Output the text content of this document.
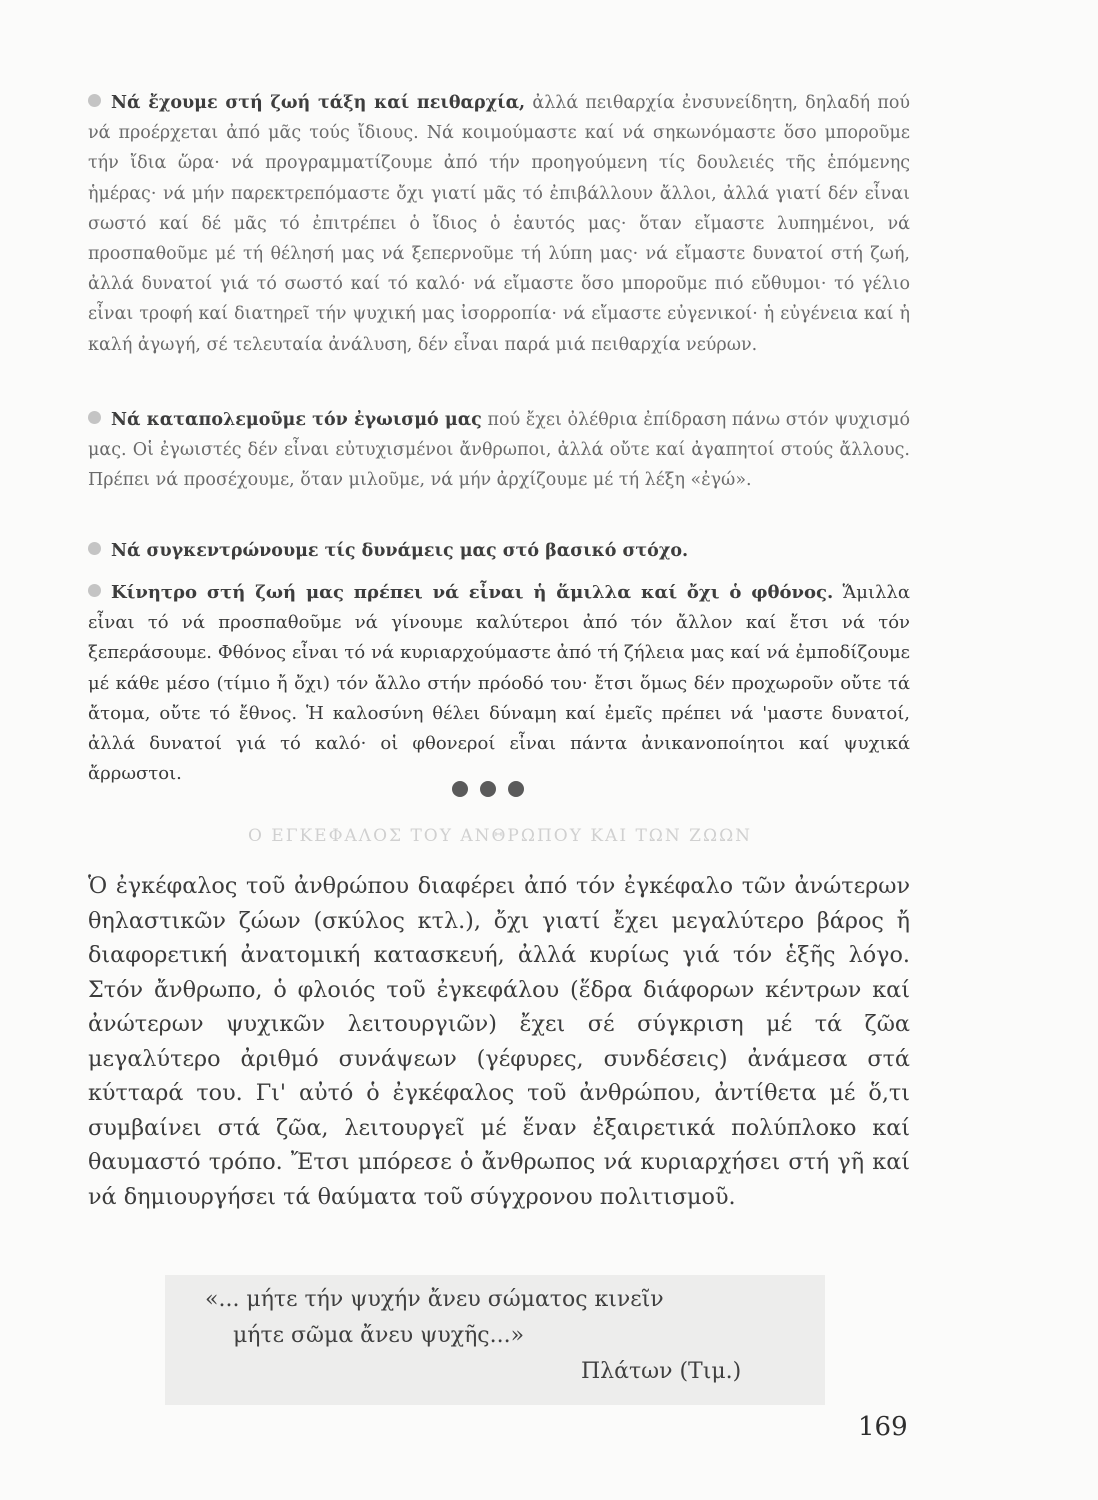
Νά ἔχουμε στή ζωή τάξη καί πειθαρχία, ἀλλά πειθαρχία ἐνσυνείδητη, δηλαδή πού νά προέρχεται ἀπό μᾶς τούς ἴδιους. Νά κοιμούμαστε καί νά σηκωνόμαστε ὅσο μποροῦμε τήν ἴδια ὥρα· νά προγραμματίζουμε ἀπό τήν προηγούμενη τίς δουλειές τῆς ἑπόμενης ἡμέρας· νά μήν παρεκτρεπόμαστε ὄχι γιατί μᾶς τό ἐπιβάλλουν ἄλλοι, ἀλλά γιατί δέν εἶναι σωστό καί δέ μᾶς τό ἐπιτρέπει ὁ ἴδιος ὁ ἑαυτός μας· ὅταν εἴμαστε λυπημένοι, νά προσπαθοῦμε μέ τή θέλησή μας νά ξεπερνοῦμε τή λύπη μας· νά εἴμαστε δυνατοί στή ζωή, ἀλλά δυνατοί γιά τό σωστό καί τό καλό· νά εἴμαστε ὅσο μποροῦμε πιό εὔθυμοι· τό γέλιο εἶναι τροφή καί διατηρεῖ τήν ψυχική μας ἰσορροπία· νά εἴμαστε εὐγενικοί· ἡ εὐγένεια καί ἡ καλή ἀγωγή, σέ τελευταία ἀνάλυση, δέν εἶναι παρά μιά πειθαρχία νεύρων.
Νά καταπολεμοῦμε τόν ἐγωισμό μας πού ἔχει ὀλέθρια ἐπίδραση πάνω στόν ψυχισμό μας. Οἱ ἐγωιστές δέν εἶναι εὐτυχισμένοι ἄνθρωποι, ἀλλά οὔτε καί ἀγαπητοί στούς ἄλλους. Πρέπει νά προσέχουμε, ὅταν μιλοῦμε, νά μήν ἀρχίζουμε μέ τή λέξη «ἐγώ».
Νά συγκεντρώνουμε τίς δυνάμεις μας στό βασικό στόχο.
Κίνητρο στή ζωή μας πρέπει νά εἶναι ἡ ἅμιλλα καί ὄχι ὁ φθόνος. Ἅμιλλα εἶναι τό νά προσπαθοῦμε νά γίνουμε καλύτεροι ἀπό τόν ἄλλον καί ἔτσι νά τόν ξεπεράσουμε. Φθόνος εἶναι τό νά κυριαρχούμαστε ἀπό τή ζήλεια μας καί νά ἐμποδίζουμε μέ κάθε μέσο (τίμιο ἤ ὄχι) τόν ἄλλο στήν πρόοδό του· ἔτσι ὅμως δέν προχωροῦν οὔτε τά ἄτομα, οὔτε τό ἔθνος. Ἡ καλοσύνη θέλει δύναμη καί ἐμεῖς πρέπει νά 'μαστε δυνατοί, ἀλλά δυνατοί γιά τό καλό· οἱ φθονεροί εἶναι πάντα ἀνικανοποίητοι καί ψυχικά ἄρρωστοι.
Ο ΕΓΚΕΦΑΛΟΣ ΤΟΥ ΑΝΘΡΩΠΟΥ ΚΑΙ ΤΩΝ ΖΩΩΝ
Ὁ ἐγκέφαλος τοῦ ἀνθρώπου διαφέρει ἀπό τόν ἐγκέφαλο τῶν ἀνώτερων θηλαστικῶν ζώων (σκύλος κτλ.), ὄχι γιατί ἔχει μεγαλύτερο βάρος ἤ διαφορετική ἀνατομική κατασκευή, ἀλλά κυρίως γιά τόν ἑξῆς λόγο. Στόν ἄνθρωπο, ὁ φλοιός τοῦ ἐγκεφάλου (ἕδρα διάφορων κέντρων καί ἀνώτερων ψυχικῶν λειτουργιῶν) ἔχει σέ σύγκριση μέ τά ζῶα μεγαλύτερο ἀριθμό συνάψεων (γέφυρες, συνδέσεις) ἀνάμεσα στά κύτταρά του. Γι' αὐτό ὁ ἐγκέφαλος τοῦ ἀνθρώπου, ἀντίθετα μέ ὅ,τι συμβαίνει στά ζῶα, λειτουργεῖ μέ ἕναν ἐξαιρετικά πολύπλοκο καί θαυμαστό τρόπο. Ἔτσι μπόρεσε ὁ ἄνθρωπος νά κυριαρχήσει στή γῆ καί νά δημιουργήσει τά θαύματα τοῦ σύγχρονου πολιτισμοῦ.
«... μήτε τήν ψυχήν ἄνευ σώματος κινεῖν
μήτε σῶμα ἄνευ ψυχῆς...»
Πλάτων (Τιμ.)
169
